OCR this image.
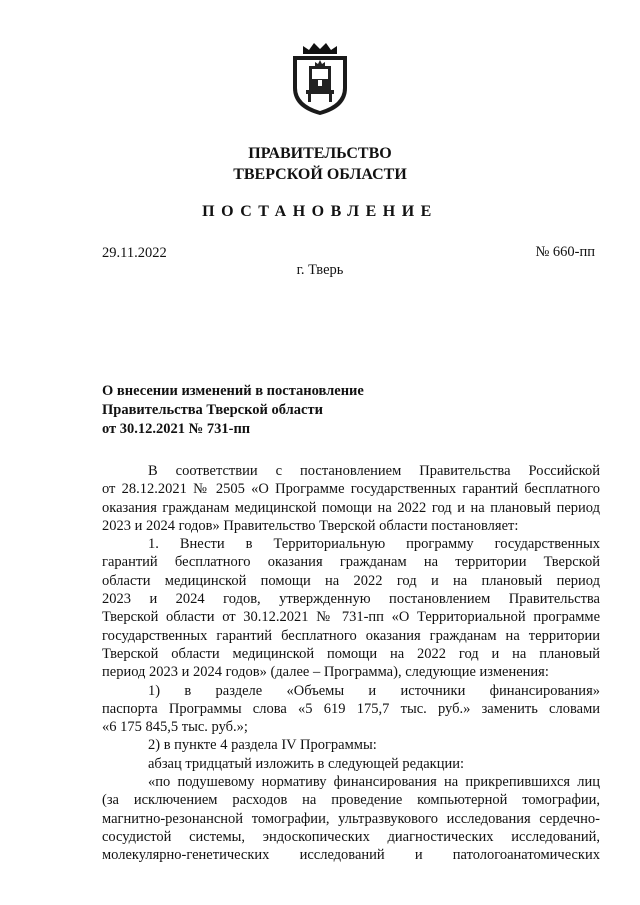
ПРАВИТЕЛЬСТВО
ТВЕРСКОЙ ОБЛАСТИ
ПОСТАНОВЛЕНИЕ
29.11.2022	№ 660-пп
г. Тверь
О внесении изменений в постановление
Правительства Тверской области
от 30.12.2021 № 731-пп
В соответствии с постановлением Правительства Российской
от 28.12.2021 № 2505 «О Программе государственных гарантий бесплатного
оказания гражданам медицинской помощи на 2022 год и на плановый период
2023 и 2024 годов» Правительство Тверской области постановляет:
1. Внести в Территориальную программу государственных
гарантий бесплатного оказания гражданам на территории Тверской
области медицинской помощи на 2022 год и на плановый период
2023 и 2024 годов, утвержденную постановлением Правительства
Тверской области от 30.12.2021 № 731-пп «О Территориальной программе
государственных гарантий бесплатного оказания гражданам на территории
Тверской области медицинской помощи на 2022 год и на плановый
период 2023 и 2024 годов» (далее – Программа), следующие изменения:
1) в разделе «Объемы и источники финансирования»
паспорта Программы слова «5 619 175,7 тыс. руб.» заменить словами
«6 175 845,5 тыс. руб.»;
2) в пункте 4 раздела IV Программы:
абзац тридцатый изложить в следующей редакции:
«по подушевому нормативу финансирования на прикрепившихся лиц
(за исключением расходов на проведение компьютерной томографии,
магнитно-резонансной томографии, ультразвукового исследования сердечно-
сосудистой системы, эндоскопических диагностических исследований,
молекулярно-генетических исследований и патологоанатомических
